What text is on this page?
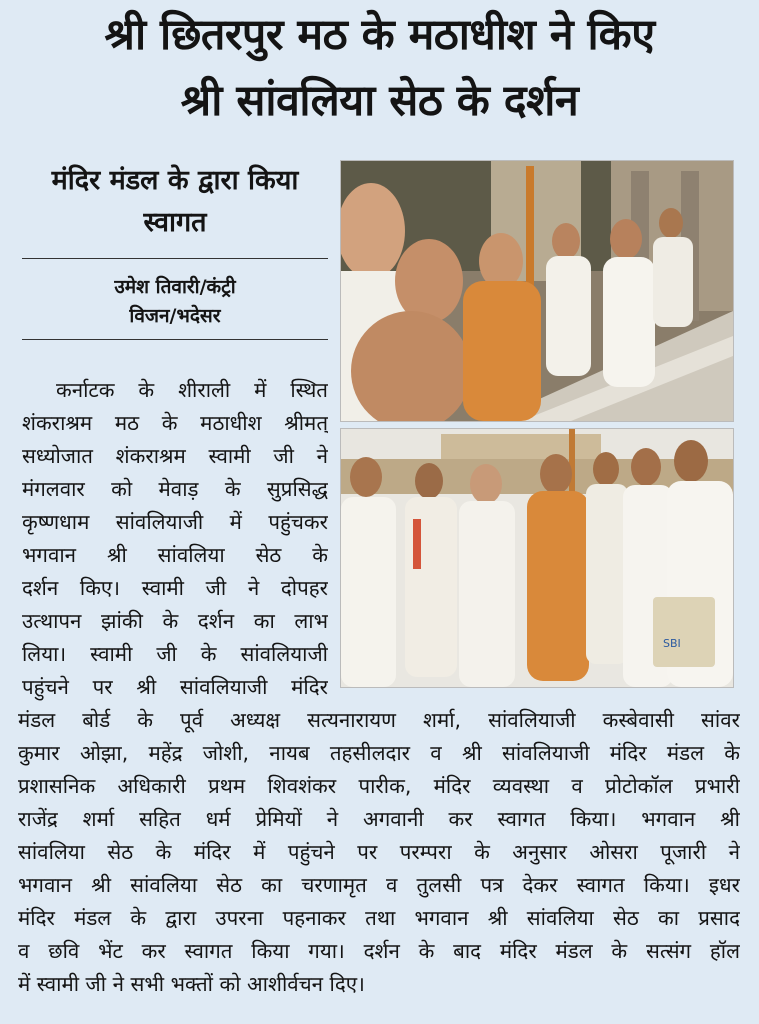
श्री छितरपुर मठ के मठाधीश ने किए
श्री सांवलिया सेठ के दर्शन
मंदिर मंडल के द्वारा किया
स्वागत
उमेश तिवारी/कंट्री
विजन/भदेसर
कर्नाटक के शीराली में स्थित
शंकराश्रम मठ के मठाधीश श्रीमत्
सध्योजात शंकराश्रम स्वामी जी ने
मंगलवार को मेवाड़ के सुप्रसिद्ध
कृष्णधाम सांवलियाजी में पहुंचकर
भगवान श्री सांवलिया सेठ के
दर्शन किए। स्वामी जी ने दोपहर
उत्थापन झांकी के दर्शन का लाभ
लिया। स्वामी जी के सांवलियाजी
पहुंचने पर श्री सांवलियाजी मंदिर
मंडल बोर्ड के पूर्व अध्यक्ष सत्यनारायण शर्मा, सांवलियाजी कस्बेवासी सांवर
कुमार ओझा, महेंद्र जोशी, नायब तहसीलदार व श्री सांवलियाजी मंदिर मंडल के
प्रशासनिक अधिकारी प्रथम शिवशंकर पारीक, मंदिर व्यवस्था व प्रोटोकॉल प्रभारी
राजेंद्र शर्मा सहित धर्म प्रेमियों ने अगवानी कर स्वागत किया। भगवान श्री
सांवलिया सेठ के मंदिर में पहुंचने पर परम्परा के अनुसार ओसरा पूजारी ने
भगवान श्री सांवलिया सेठ का चरणामृत व तुलसी पत्र देकर स्वागत किया। इधर
मंदिर मंडल के द्वारा उपरना पहनाकर तथा भगवान श्री सांवलिया सेठ का प्रसाद
व छवि भेंट कर स्वागत किया गया। दर्शन के बाद मंदिर मंडल के सत्संग हॉल
में स्वामी जी ने सभी भक्तों को आशीर्वचन दिए।
SBI
